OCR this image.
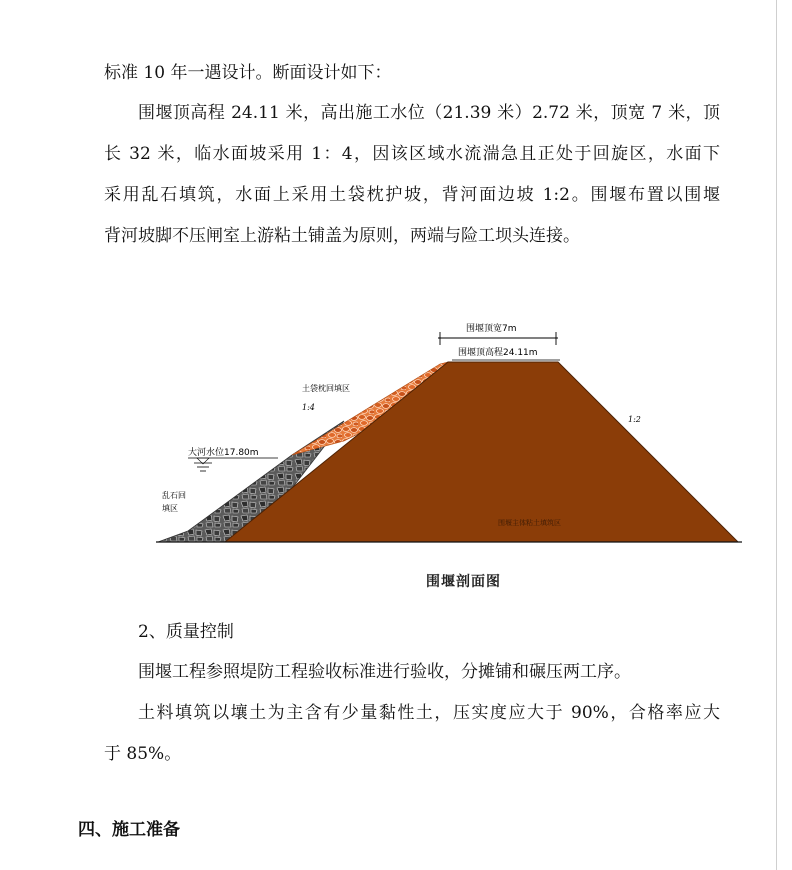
标准 10 年一遇设计。断面设计如下：
围堰顶高程 24.11 米，高出施工水位（21.39 米）2.72 米，顶宽 7 米，顶
长 32 米，临水面坡采用 1：4，因该区域水流湍急且正处于回旋区，水面下
采用乱石填筑，水面上采用土袋枕护坡，背河面边坡 1:2。围堰布置以围堰
背河坡脚不压闸室上游粘土铺盖为原则，两端与险工坝头连接。
围堰顶宽7m
围堰顶高程24.11m
土袋枕回填区
1:4
1:2
大河水位17.80m
乱石回
填区
围堰主体粘土填筑区
围堰剖面图
2、质量控制
围堰工程参照堤防工程验收标准进行验收，分摊铺和碾压两工序。
土料填筑以壤土为主含有少量黏性土，压实度应大于 90%，合格率应大
于 85%。
四、施工准备
